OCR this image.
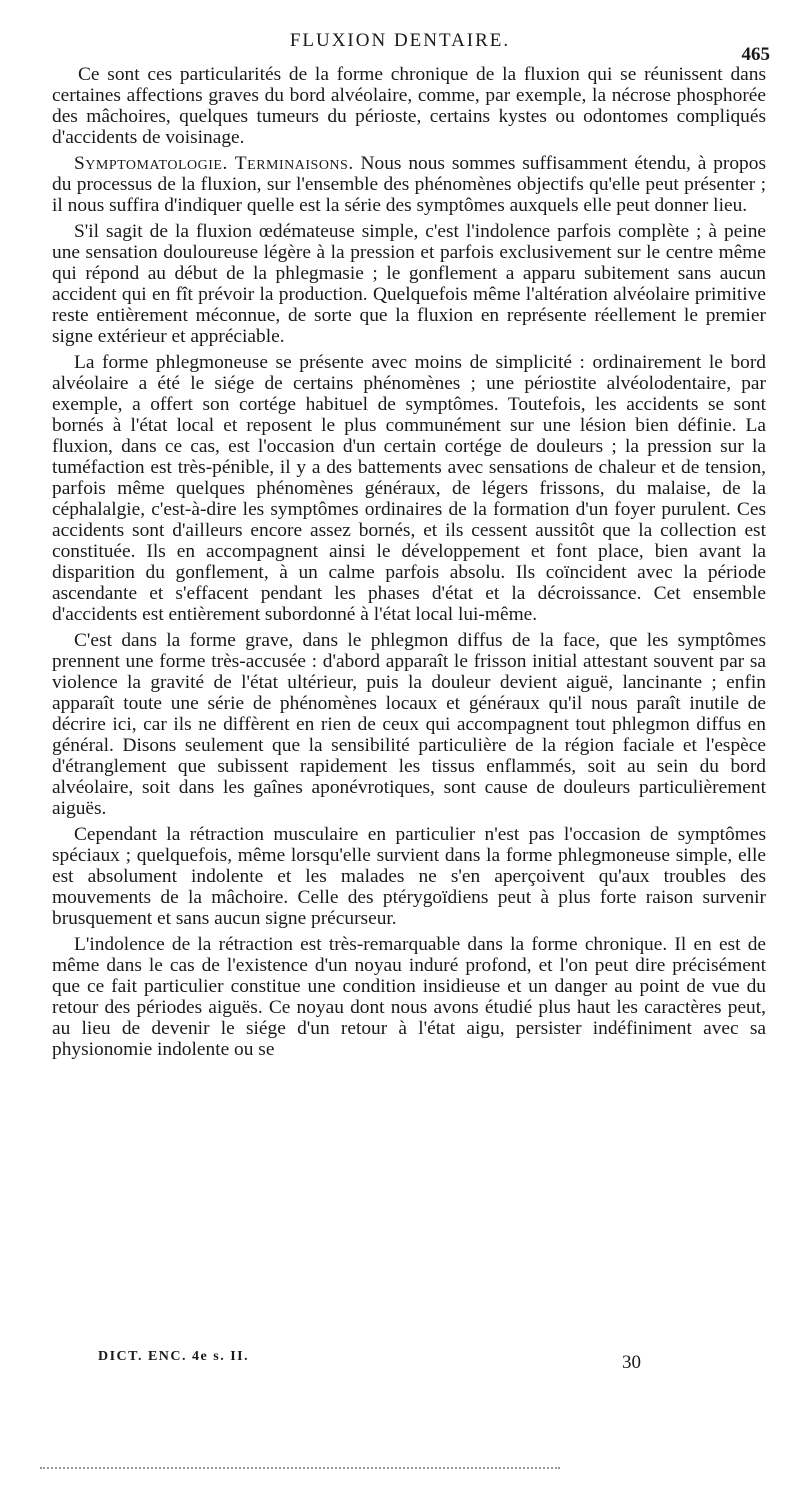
FLUXION DENTAIRE.
465

Ce sont ces particularités de la forme chronique de la fluxion qui se réunissent dans certaines affections graves du bord alvéolaire, comme, par exemple, la nécrose phosphorée des mâchoires, quelques tumeurs du périoste, certains kystes ou odontomes compliqués d'accidents de voisinage.

Symptomatologie. Terminaisons. Nous nous sommes suffisamment étendu, à propos du processus de la fluxion, sur l'ensemble des phénomènes objectifs qu'elle peut présenter ; il nous suffira d'indiquer quelle est la série des symptômes auxquels elle peut donner lieu.

S'il sagit de la fluxion œdémateuse simple, c'est l'indolence parfois complète ; à peine une sensation douloureuse légère à la pression et parfois exclusivement sur le centre même qui répond au début de la phlegmasie ; le gonflement a apparu subitement sans aucun accident qui en fît prévoir la production. Quelquefois même l'altération alvéolaire primitive reste entièrement méconnue, de sorte que la fluxion en représente réellement le premier signe extérieur et appréciable.

La forme phlegmoneuse se présente avec moins de simplicité : ordinairement le bord alvéolaire a été le siége de certains phénomènes ; une périostite alvéolodentaire, par exemple, a offert son cortége habituel de symptômes. Toutefois, les accidents se sont bornés à l'état local et reposent le plus communément sur une lésion bien définie. La fluxion, dans ce cas, est l'occasion d'un certain cortége de douleurs ; la pression sur la tuméfaction est très-pénible, il y a des battements avec sensations de chaleur et de tension, parfois même quelques phénomènes généraux, de légers frissons, du malaise, de la céphalalgie, c'est-à-dire les symptômes ordinaires de la formation d'un foyer purulent. Ces accidents sont d'ailleurs encore assez bornés, et ils cessent aussitôt que la collection est constituée. Ils en accompagnent ainsi le développement et font place, bien avant la disparition du gonflement, à un calme parfois absolu. Ils coïncident avec la période ascendante et s'effacent pendant les phases d'état et la décroissance. Cet ensemble d'accidents est entièrement subordonné à l'état local lui-même.

C'est dans la forme grave, dans le phlegmon diffus de la face, que les symptômes prennent une forme très-accusée : d'abord apparaît le frisson initial attestant souvent par sa violence la gravité de l'état ultérieur, puis la douleur devient aiguë, lancinante ; enfin apparaît toute une série de phénomènes locaux et généraux qu'il nous paraît inutile de décrire ici, car ils ne diffèrent en rien de ceux qui accompagnent tout phlegmon diffus en général. Disons seulement que la sensibilité particulière de la région faciale et l'espèce d'étranglement que subissent rapidement les tissus enflammés, soit au sein du bord alvéolaire, soit dans les gaînes aponévrotiques, sont cause de douleurs particulièrement aiguës.

Cependant la rétraction musculaire en particulier n'est pas l'occasion de symptômes spéciaux ; quelquefois, même lorsqu'elle survient dans la forme phlegmoneuse simple, elle est absolument indolente et les malades ne s'en aperçoivent qu'aux troubles des mouvements de la mâchoire. Celle des ptérygoïdiens peut à plus forte raison survenir brusquement et sans aucun signe précurseur.

L'indolence de la rétraction est très-remarquable dans la forme chronique. Il en est de même dans le cas de l'existence d'un noyau induré profond, et l'on peut dire précisément que ce fait particulier constitue une condition insidieuse et un danger au point de vue du retour des périodes aiguës. Ce noyau dont nous avons étudié plus haut les caractères peut, au lieu de devenir le siége d'un retour à l'état aigu, persister indéfiniment avec sa physionomie indolente ou se

DICT. ENC. 4e s. II.	30
